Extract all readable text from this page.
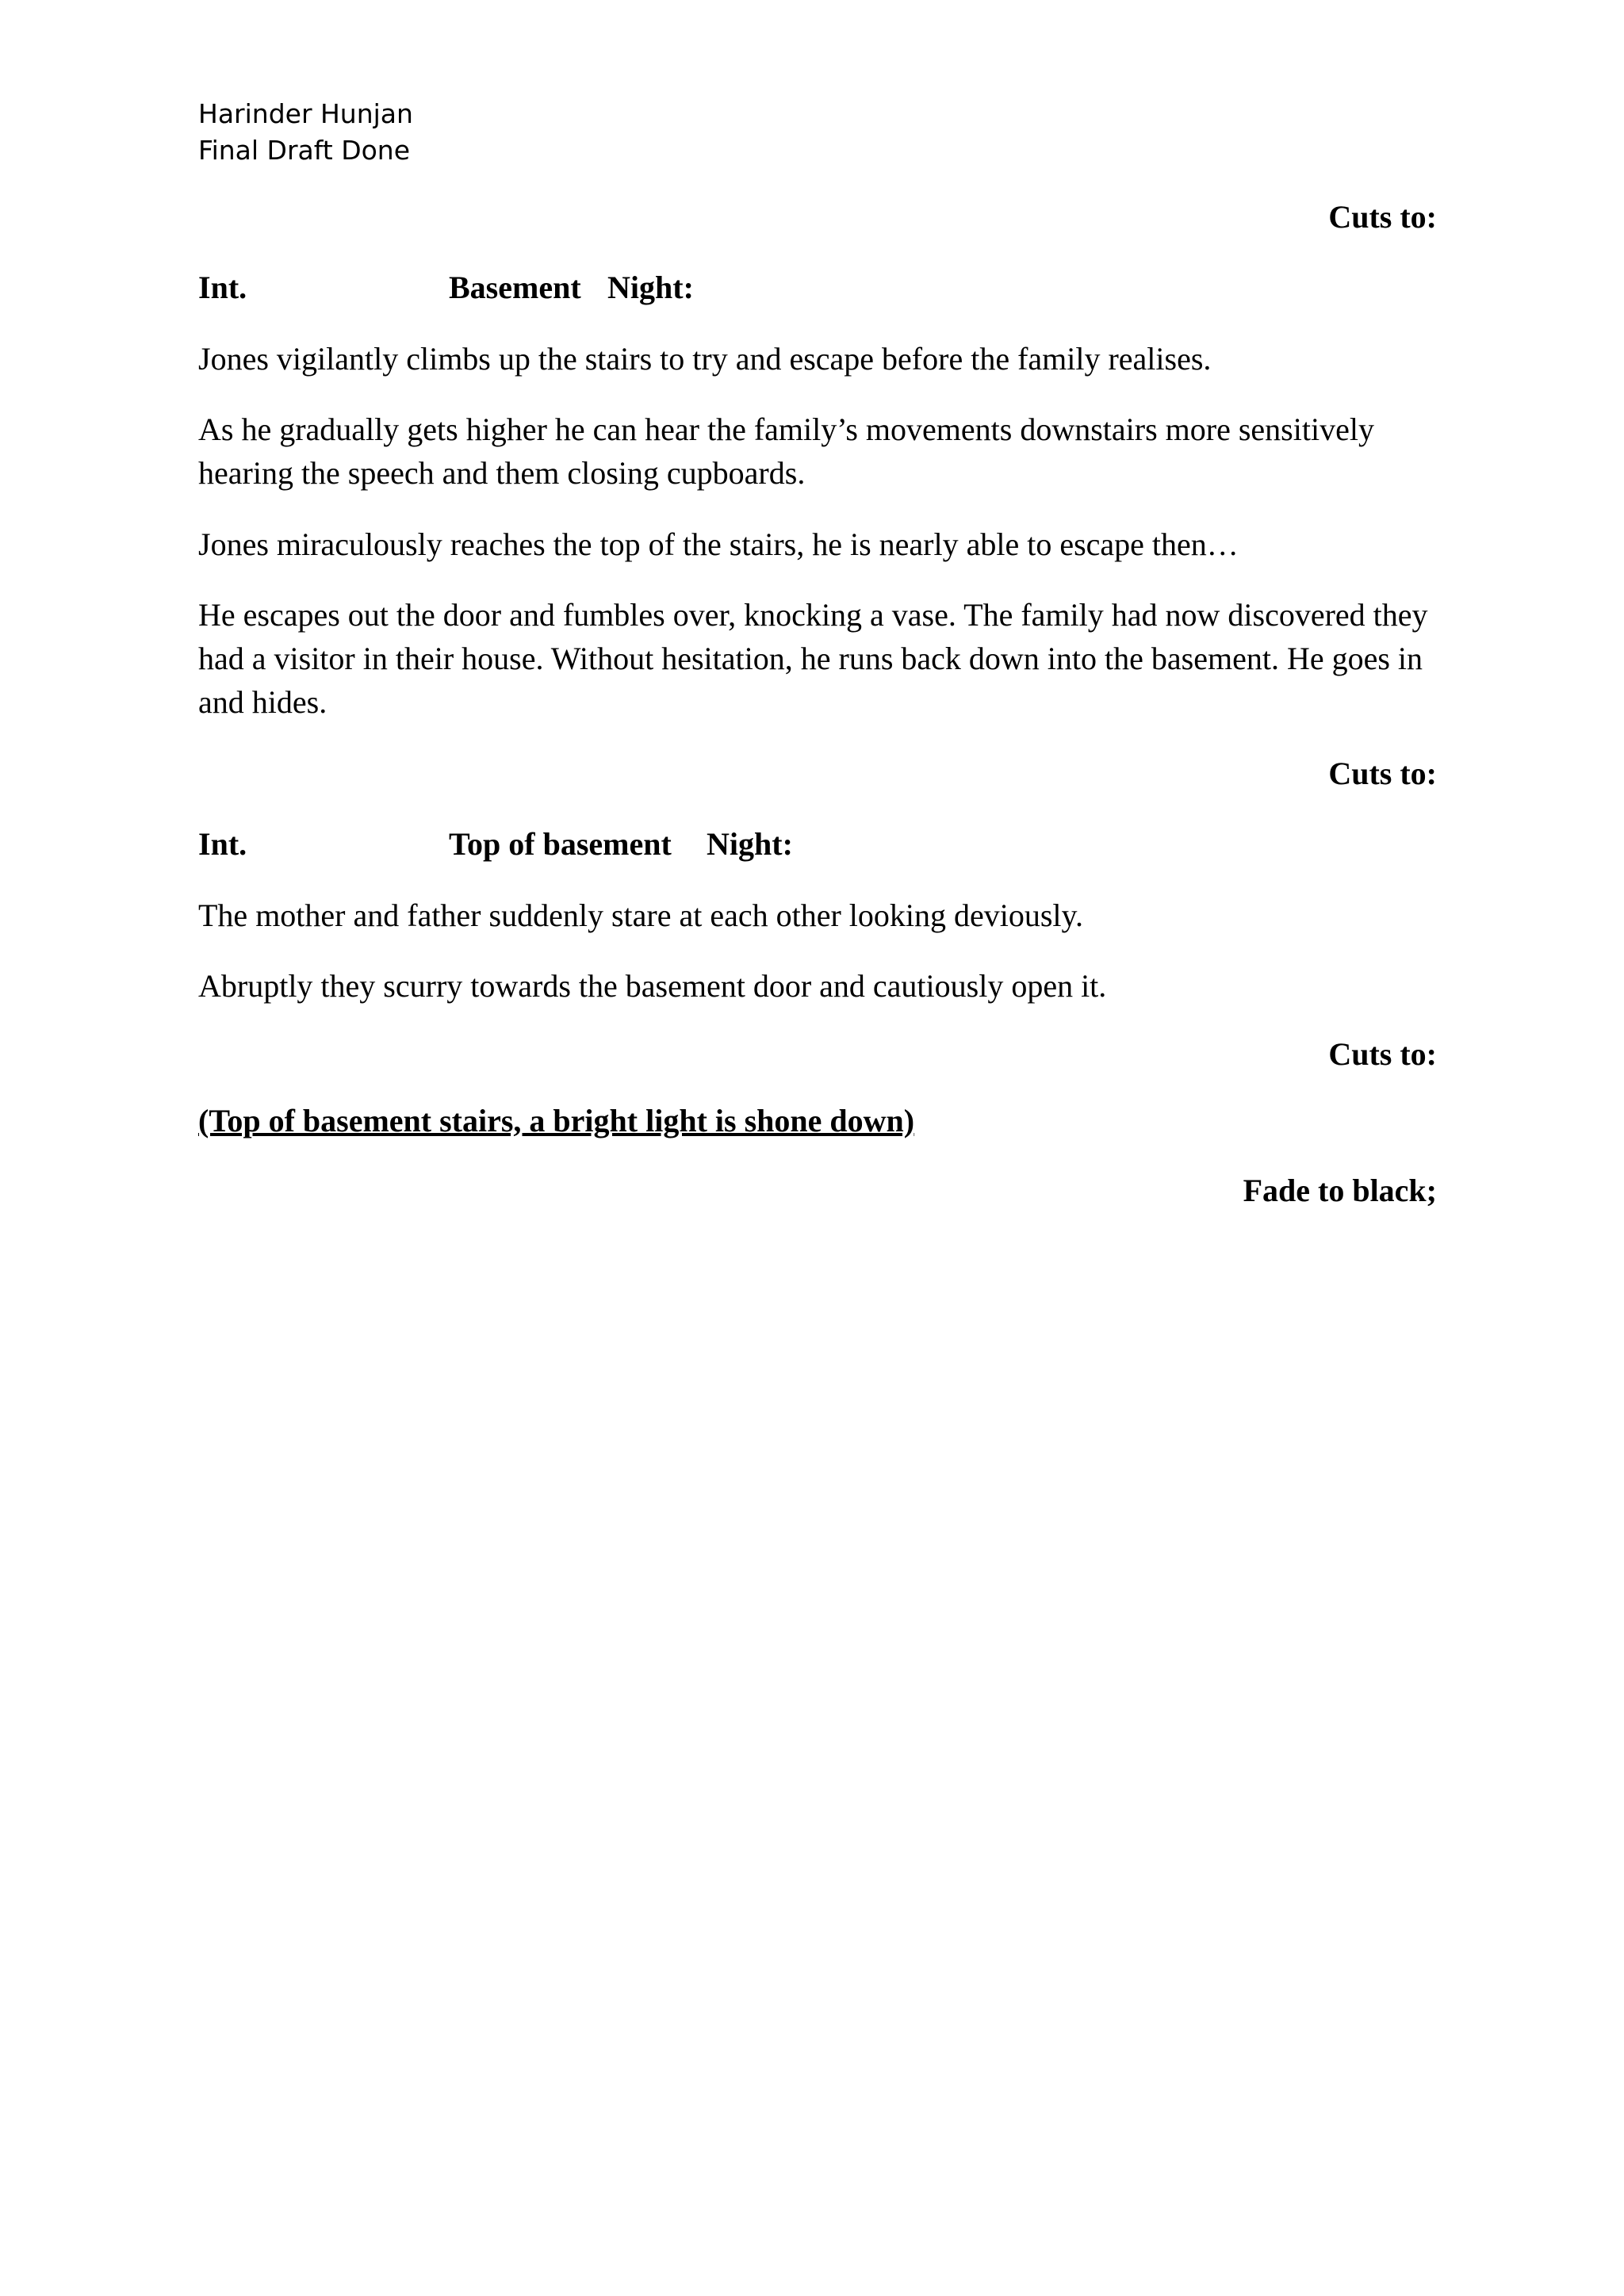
Harinder Hunjan
Final Draft Done
Cuts to:
Int.	Basement Night:
Jones vigilantly climbs up the stairs to try and escape before the family realises.
As he gradually gets higher he can hear the family’s movements downstairs more sensitively hearing the speech and them closing cupboards.
Jones miraculously reaches the top of the stairs, he is nearly able to escape then…
He escapes out the door and fumbles over, knocking a vase. The family had now discovered they had a visitor in their house. Without hesitation, he runs back down into the basement. He goes in and hides.
Cuts to:
Int.	Top of basement Night:
The mother and father suddenly stare at each other looking deviously.
Abruptly they scurry towards the basement door and cautiously open it.
Cuts to:
(Top of basement stairs, a bright light is shone down)
Fade to black;
